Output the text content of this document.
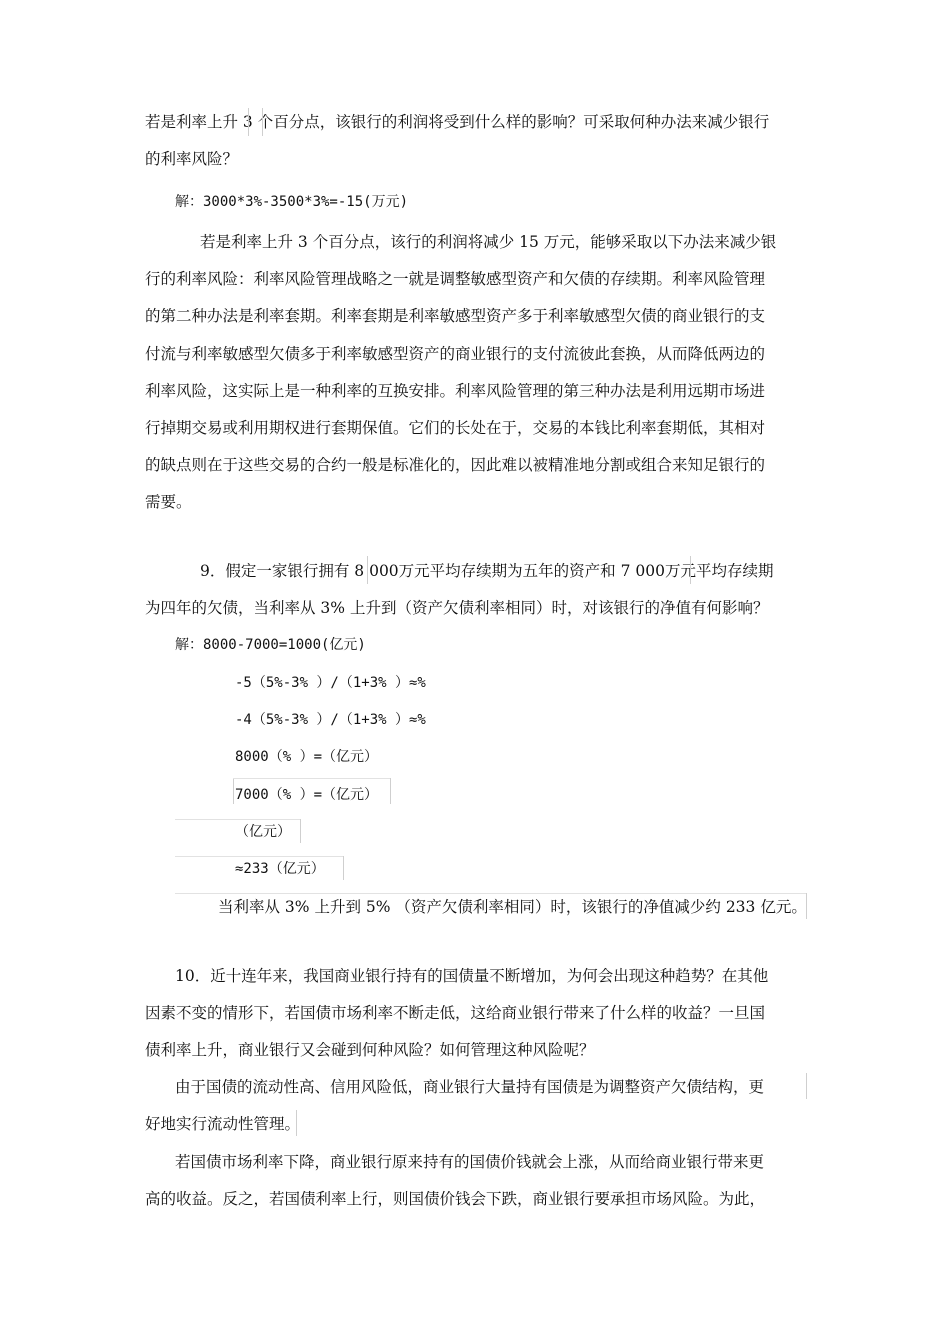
若是利率上升 3 个百分点，该银行的利润将受到什么样的影响？可采取何种办法来减少银行
的利率风险？
解：3000*3%-3500*3%=-15(万元)
若是利率上升 3 个百分点，该行的利润将减少 15 万元，能够采取以下办法来减少银
行的利率风险：利率风险管理战略之一就是调整敏感型资产和欠债的存续期。利率风险管理
的第二种办法是利率套期。利率套期是利率敏感型资产多于利率敏感型欠债的商业银行的支
付流与利率敏感型欠债多于利率敏感型资产的商业银行的支付流彼此套换，从而降低两边的
利率风险，这实际上是一种利率的互换安排。利率风险管理的第三种办法是利用远期市场进
行掉期交易或利用期权进行套期保值。它们的长处在于，交易的本钱比利率套期低，其相对
的缺点则在于这些交易的合约一般是标准化的，因此难以被精准地分割或组合来知足银行的
需要。
9．假定一家银行拥有 8 000万元平均存续期为五年的资产和 7 000万元平均存续期
为四年的欠债，当利率从 3% 上升到（资产欠债利率相同）时，对该银行的净值有何影响？
解：8000-7000=1000(亿元)
-5（5%-3% ）/（1+3% ）≈%
-4（5%-3% ）/（1+3% ）≈%
8000（% ）=（亿元）
7000（% ）=（亿元）
（亿元）
≈233（亿元）
当利率从 3% 上升到 5% （资产欠债利率相同）时，该银行的净值减少约 233 亿元。
10．近十连年来，我国商业银行持有的国债量不断增加，为何会出现这种趋势？在其他
因素不变的情形下，若国债市场利率不断走低，这给商业银行带来了什么样的收益？一旦国
债利率上升，商业银行又会碰到何种风险？如何管理这种风险呢？
由于国债的流动性高、信用风险低，商业银行大量持有国债是为调整资产欠债结构，更
好地实行流动性管理。
若国债市场利率下降，商业银行原来持有的国债价钱就会上涨，从而给商业银行带来更
高的收益。反之，若国债利率上行，则国债价钱会下跌，商业银行要承担市场风险。为此，
